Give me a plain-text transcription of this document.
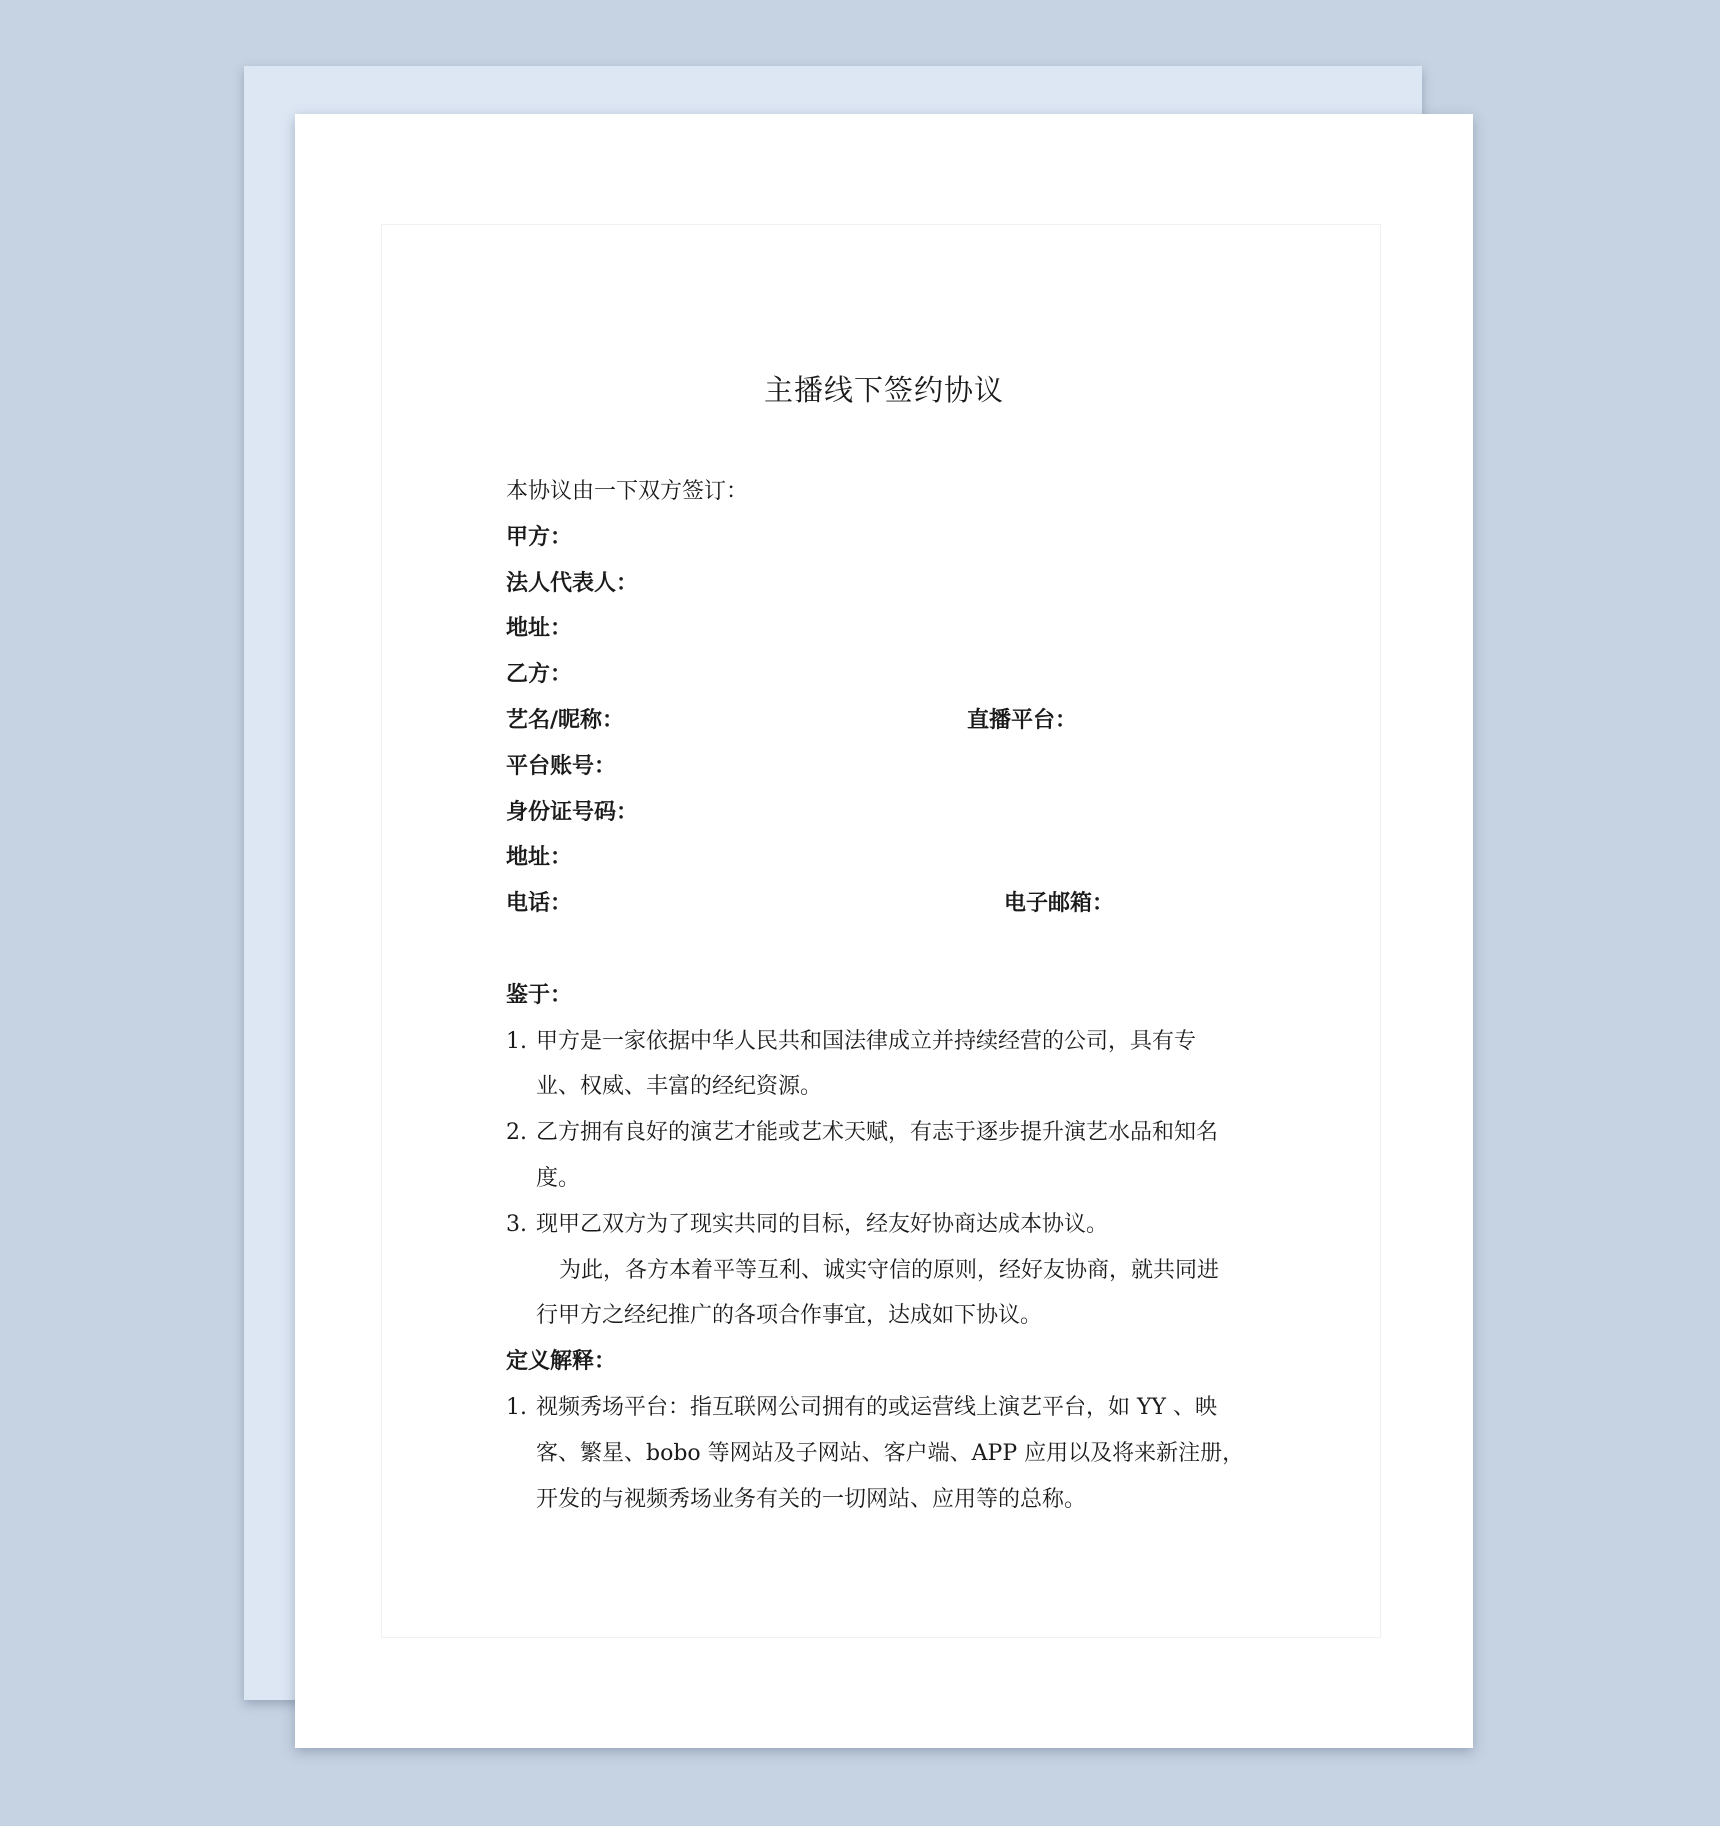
主播线下签约协议
本协议由一下双方签订：
甲方：
法人代表人：
地址：
乙方：
艺名/昵称：	直播平台：
平台账号：
身份证号码：
地址：
电话：	电子邮箱：
鉴于：
1. 甲方是一家依据中华人民共和国法律成立并持续经营的公司，具有专
业、权威、丰富的经纪资源。
2. 乙方拥有良好的演艺才能或艺术天赋，有志于逐步提升演艺水品和知名
度。
3. 现甲乙双方为了现实共同的目标，经友好协商达成本协议。
为此，各方本着平等互利、诚实守信的原则，经好友协商，就共同进
行甲方之经纪推广的各项合作事宜，达成如下协议。
定义解释：
1. 视频秀场平台：指互联网公司拥有的或运营线上演艺平台，如 YY 、映
客、繁星、bobo 等网站及子网站、客户端、APP 应用以及将来新注册，
开发的与视频秀场业务有关的一切网站、应用等的总称。
